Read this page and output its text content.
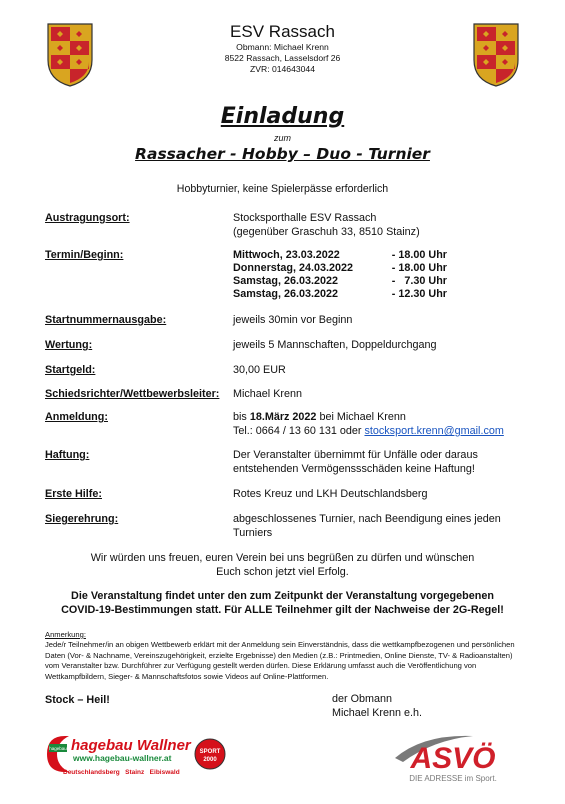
ESV Rassach
Obmann: Michael Krenn
8522 Rassach, Lasselsdorf 26
ZVR: 014643044
Einladung
zum
Rassacher - Hobby – Duo - Turnier
Hobbyturnier, keine Spielerpässe erforderlich
Austragungsort:	Stocksporthalle ESV Rassach
(gegenüber Graschuh 33, 8510 Stainz)
Termin/Beginn:	Mittwoch, 23.03.2022	- 18.00 Uhr
Donnerstag, 24.03.2022	- 18.00 Uhr
Samstag, 26.03.2022	-   7.30 Uhr
Samstag, 26.03.2022	- 12.30 Uhr
Startnummernausgabe:	jeweils 30min vor Beginn
Wertung:	jeweils 5 Mannschaften, Doppeldurchgang
Startgeld:	30,00 EUR
Schiedsrichter/Wettbewerbsleiter: Michael Krenn
Anmeldung:	bis 18.März 2022 bei Michael Krenn
Tel.: 0664 / 13 60 131 oder stocksport.krenn@gmail.com
Haftung:	Der Veranstalter übernimmt für Unfälle oder daraus
entstehenden Vermögenssschäden keine Haftung!
Erste Hilfe:	Rotes Kreuz und LKH Deutschlandsberg
Siegerehrung:	abgeschlossenes Turnier, nach Beendigung eines jeden
Turniers
Wir würden uns freuen, euren Verein bei uns begrüßen zu dürfen und wünschen
Euch schon jetzt viel Erfolg.
Die Veranstaltung findet unter den zum Zeitpunkt der Veranstaltung vorgegebenen
COVID-19-Bestimmungen statt. Für ALLE Teilnehmer gilt der Nachweise der 2G-Regel!
Anmerkung:
Jede/r Teilnehmer/in an obigen Wettbewerb erklärt mit der Anmeldung sein Einverständnis, dass die wettkampfbezogenen und persönlichen Daten (Vor- & Nachname, Vereinszugehörigkeit, erzielte Ergebnisse) den Medien (z.B.: Printmedien, Online Dienste, TV- & Radioanstalten) vom Veranstalter bzw. Durchführer zur Verfügung gestellt werden dürfen. Diese Erklärung umfasst auch die Veröffentlichung von Wettkampfbildern, Sieger- & Mannschaftsfotos sowie Videos auf Online-Plattformen.
Stock – Heil!	der Obmann
Michael Krenn e.h.
hagebau hagebau Wallner
www.hagebau-wallner.at
Deutschlandsberg   Stainz   Eibiswald
SPORT
2000	ASVÖ
DIE ADRESSE im Sport.
